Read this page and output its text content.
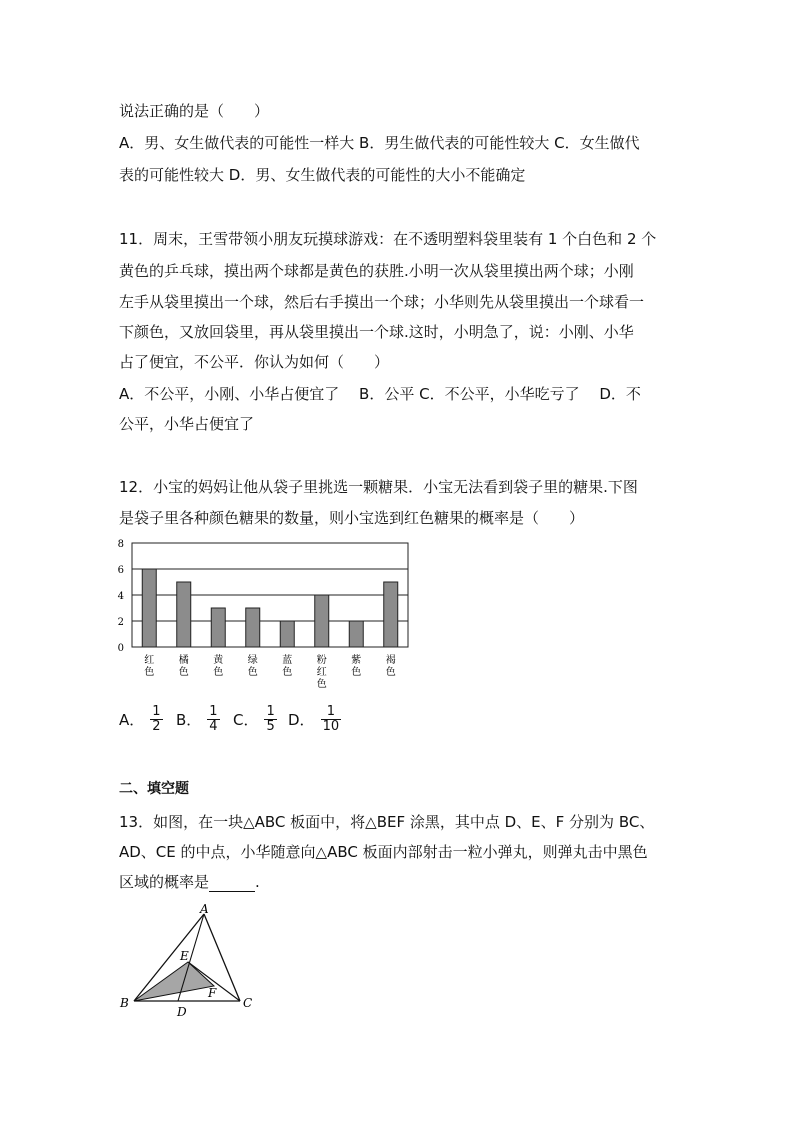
说法正确的是（　　）
A．男、女生做代表的可能性一样大 B．男生做代表的可能性较大 C．女生做代
表的可能性较大 D．男、女生做代表的可能性的大小不能确定
11．周末，王雪带领小朋友玩摸球游戏：在不透明塑料袋里装有 1 个白色和 2 个
黄色的乒乓球，摸出两个球都是黄色的获胜.小明一次从袋里摸出两个球；小刚
左手从袋里摸出一个球，然后右手摸出一个球；小华则先从袋里摸出一个球看一
下颜色，又放回袋里，再从袋里摸出一个球.这时，小明急了，说：小刚、小华
占了便宜，不公平．你认为如何（　　）
A．不公平，小刚、小华占便宜了　 B．公平 C．不公平，小华吃亏了　 D．不
公平，小华占便宜了
12．小宝的妈妈让他从袋子里挑选一颗糖果．小宝无法看到袋子里的糖果.下图
是袋子里各种颜色糖果的数量，则小宝选到红色糖果的概率是（　　）
0
2
4
6
8
红
色
橘
色
黄
色
绿
色
蓝
色
粉
红
色
紫
色
褐
色
A． $\frac{1}{2}$ B． $\frac{1}{4}$ C． $\frac{1}{5}$ D． $\frac{1}{10}$
二、填空题
13．如图，在一块△ABC 板面中，将△BEF 涂黑，其中点 D、E、F 分别为 BC、
AD、CE 的中点，小华随意向△ABC 板面内部射击一粒小弹丸，则弹丸击中黑色
区域的概率是	.
A
B	C
D
E
F
